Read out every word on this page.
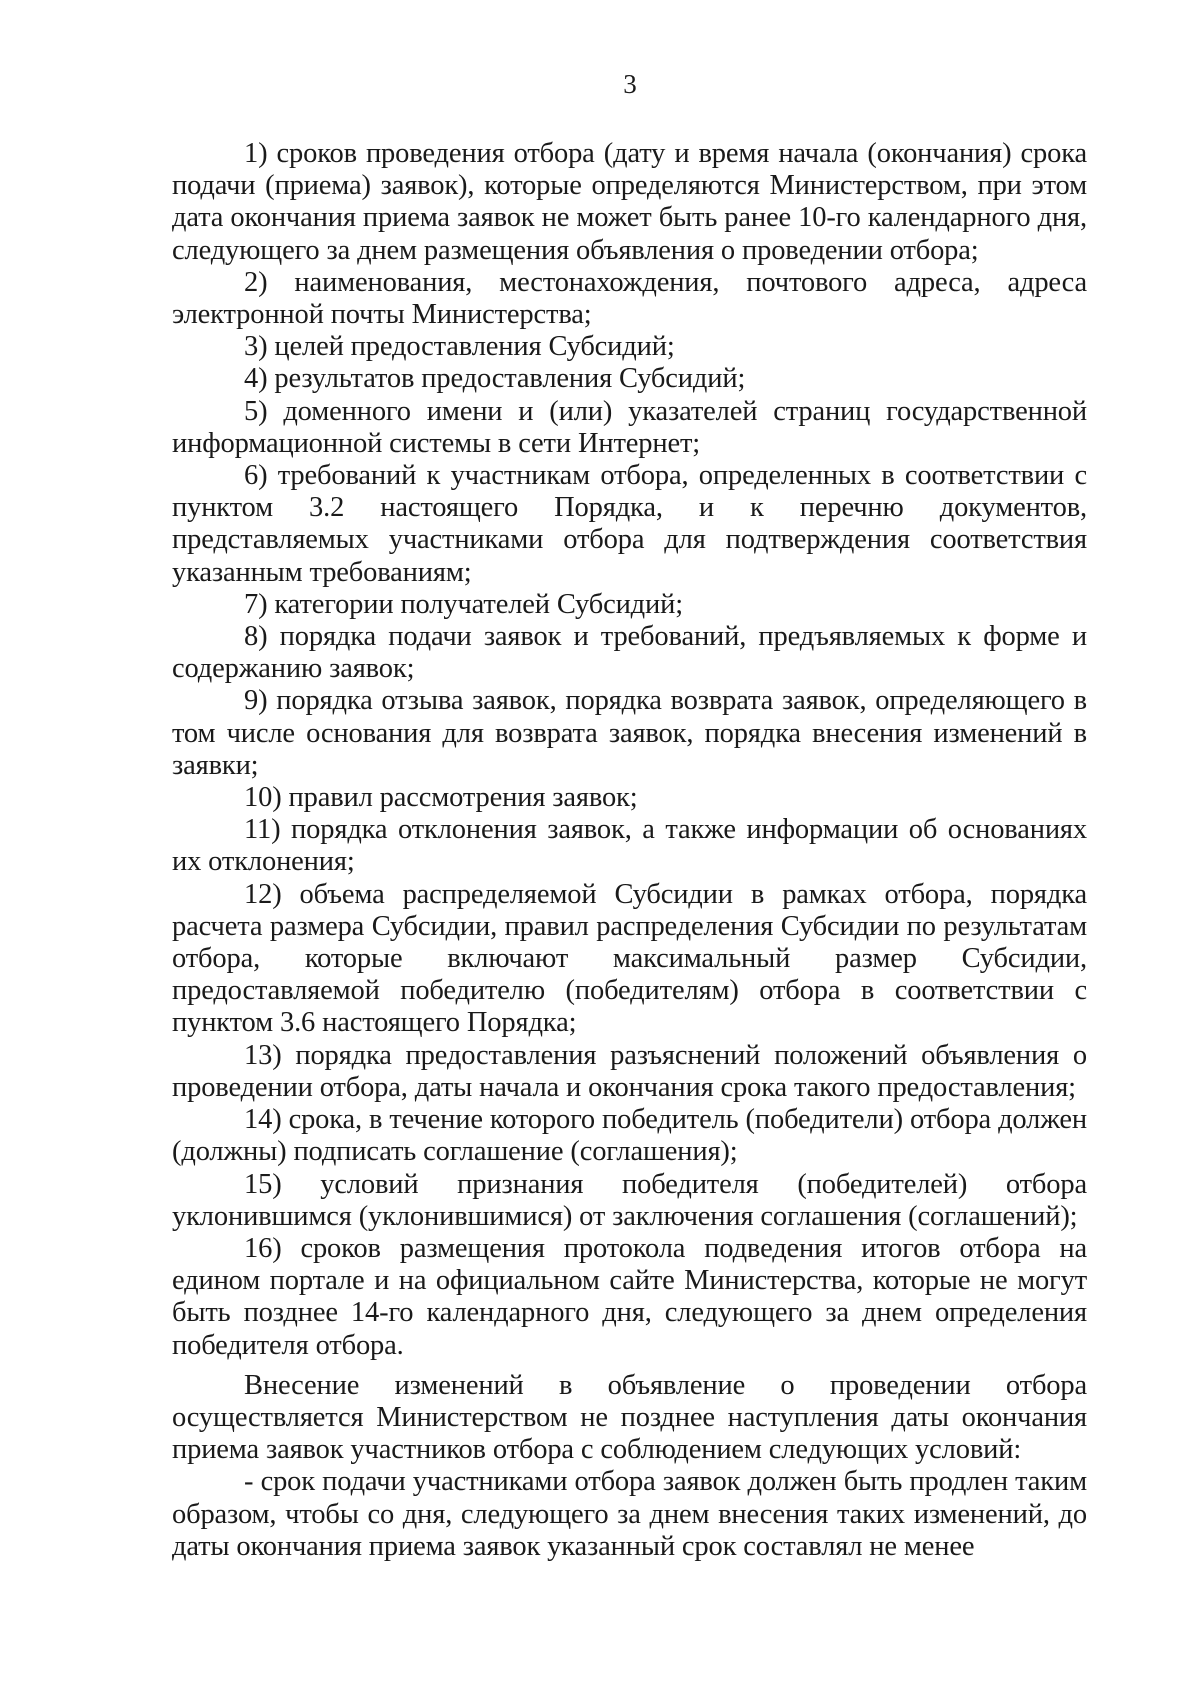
3

1) сроков проведения отбора (дату и время начала (окончания) срока подачи (приема) заявок), которые определяются Министерством, при этом дата окончания приема заявок не может быть ранее 10-го календарного дня, следующего за днем размещения объявления о проведении отбора;

2) наименования, местонахождения, почтового адреса, адреса электронной почты Министерства;

3) целей предоставления Субсидий;

4) результатов предоставления Субсидий;

5) доменного имени и (или) указателей страниц государственной информационной системы в сети Интернет;

6) требований к участникам отбора, определенных в соответствии с пунктом 3.2 настоящего Порядка, и к перечню документов, представляемых участниками отбора для подтверждения соответствия указанным требованиям;

7) категории получателей Субсидий;

8) порядка подачи заявок и требований, предъявляемых к форме и содержанию заявок;

9) порядка отзыва заявок, порядка возврата заявок, определяющего в том числе основания для возврата заявок, порядка внесения изменений в заявки;

10) правил рассмотрения заявок;

11) порядка отклонения заявок, а также информации об основаниях их отклонения;

12) объема распределяемой Субсидии в рамках отбора, порядка расчета размера Субсидии, правил распределения Субсидии по результатам отбора, которые включают максимальный размер Субсидии, предоставляемой победителю (победителям) отбора в соответствии с пунктом 3.6 настоящего Порядка;

13) порядка предоставления разъяснений положений объявления о проведении отбора, даты начала и окончания срока такого предоставления;

14) срока, в течение которого победитель (победители) отбора должен (должны) подписать соглашение (соглашения);

15) условий признания победителя (победителей) отбора уклонившимся (уклонившимися) от заключения соглашения (соглашений);

16) сроков размещения протокола подведения итогов отбора на едином портале и на официальном сайте Министерства, которые не могут быть позднее 14-го календарного дня, следующего за днем определения победителя отбора.

Внесение изменений в объявление о проведении отбора осуществляется Министерством не позднее наступления даты окончания приема заявок участников отбора с соблюдением следующих условий:

- срок подачи участниками отбора заявок должен быть продлен таким образом, чтобы со дня, следующего за днем внесения таких изменений, до даты окончания приема заявок указанный срок составлял не менее
